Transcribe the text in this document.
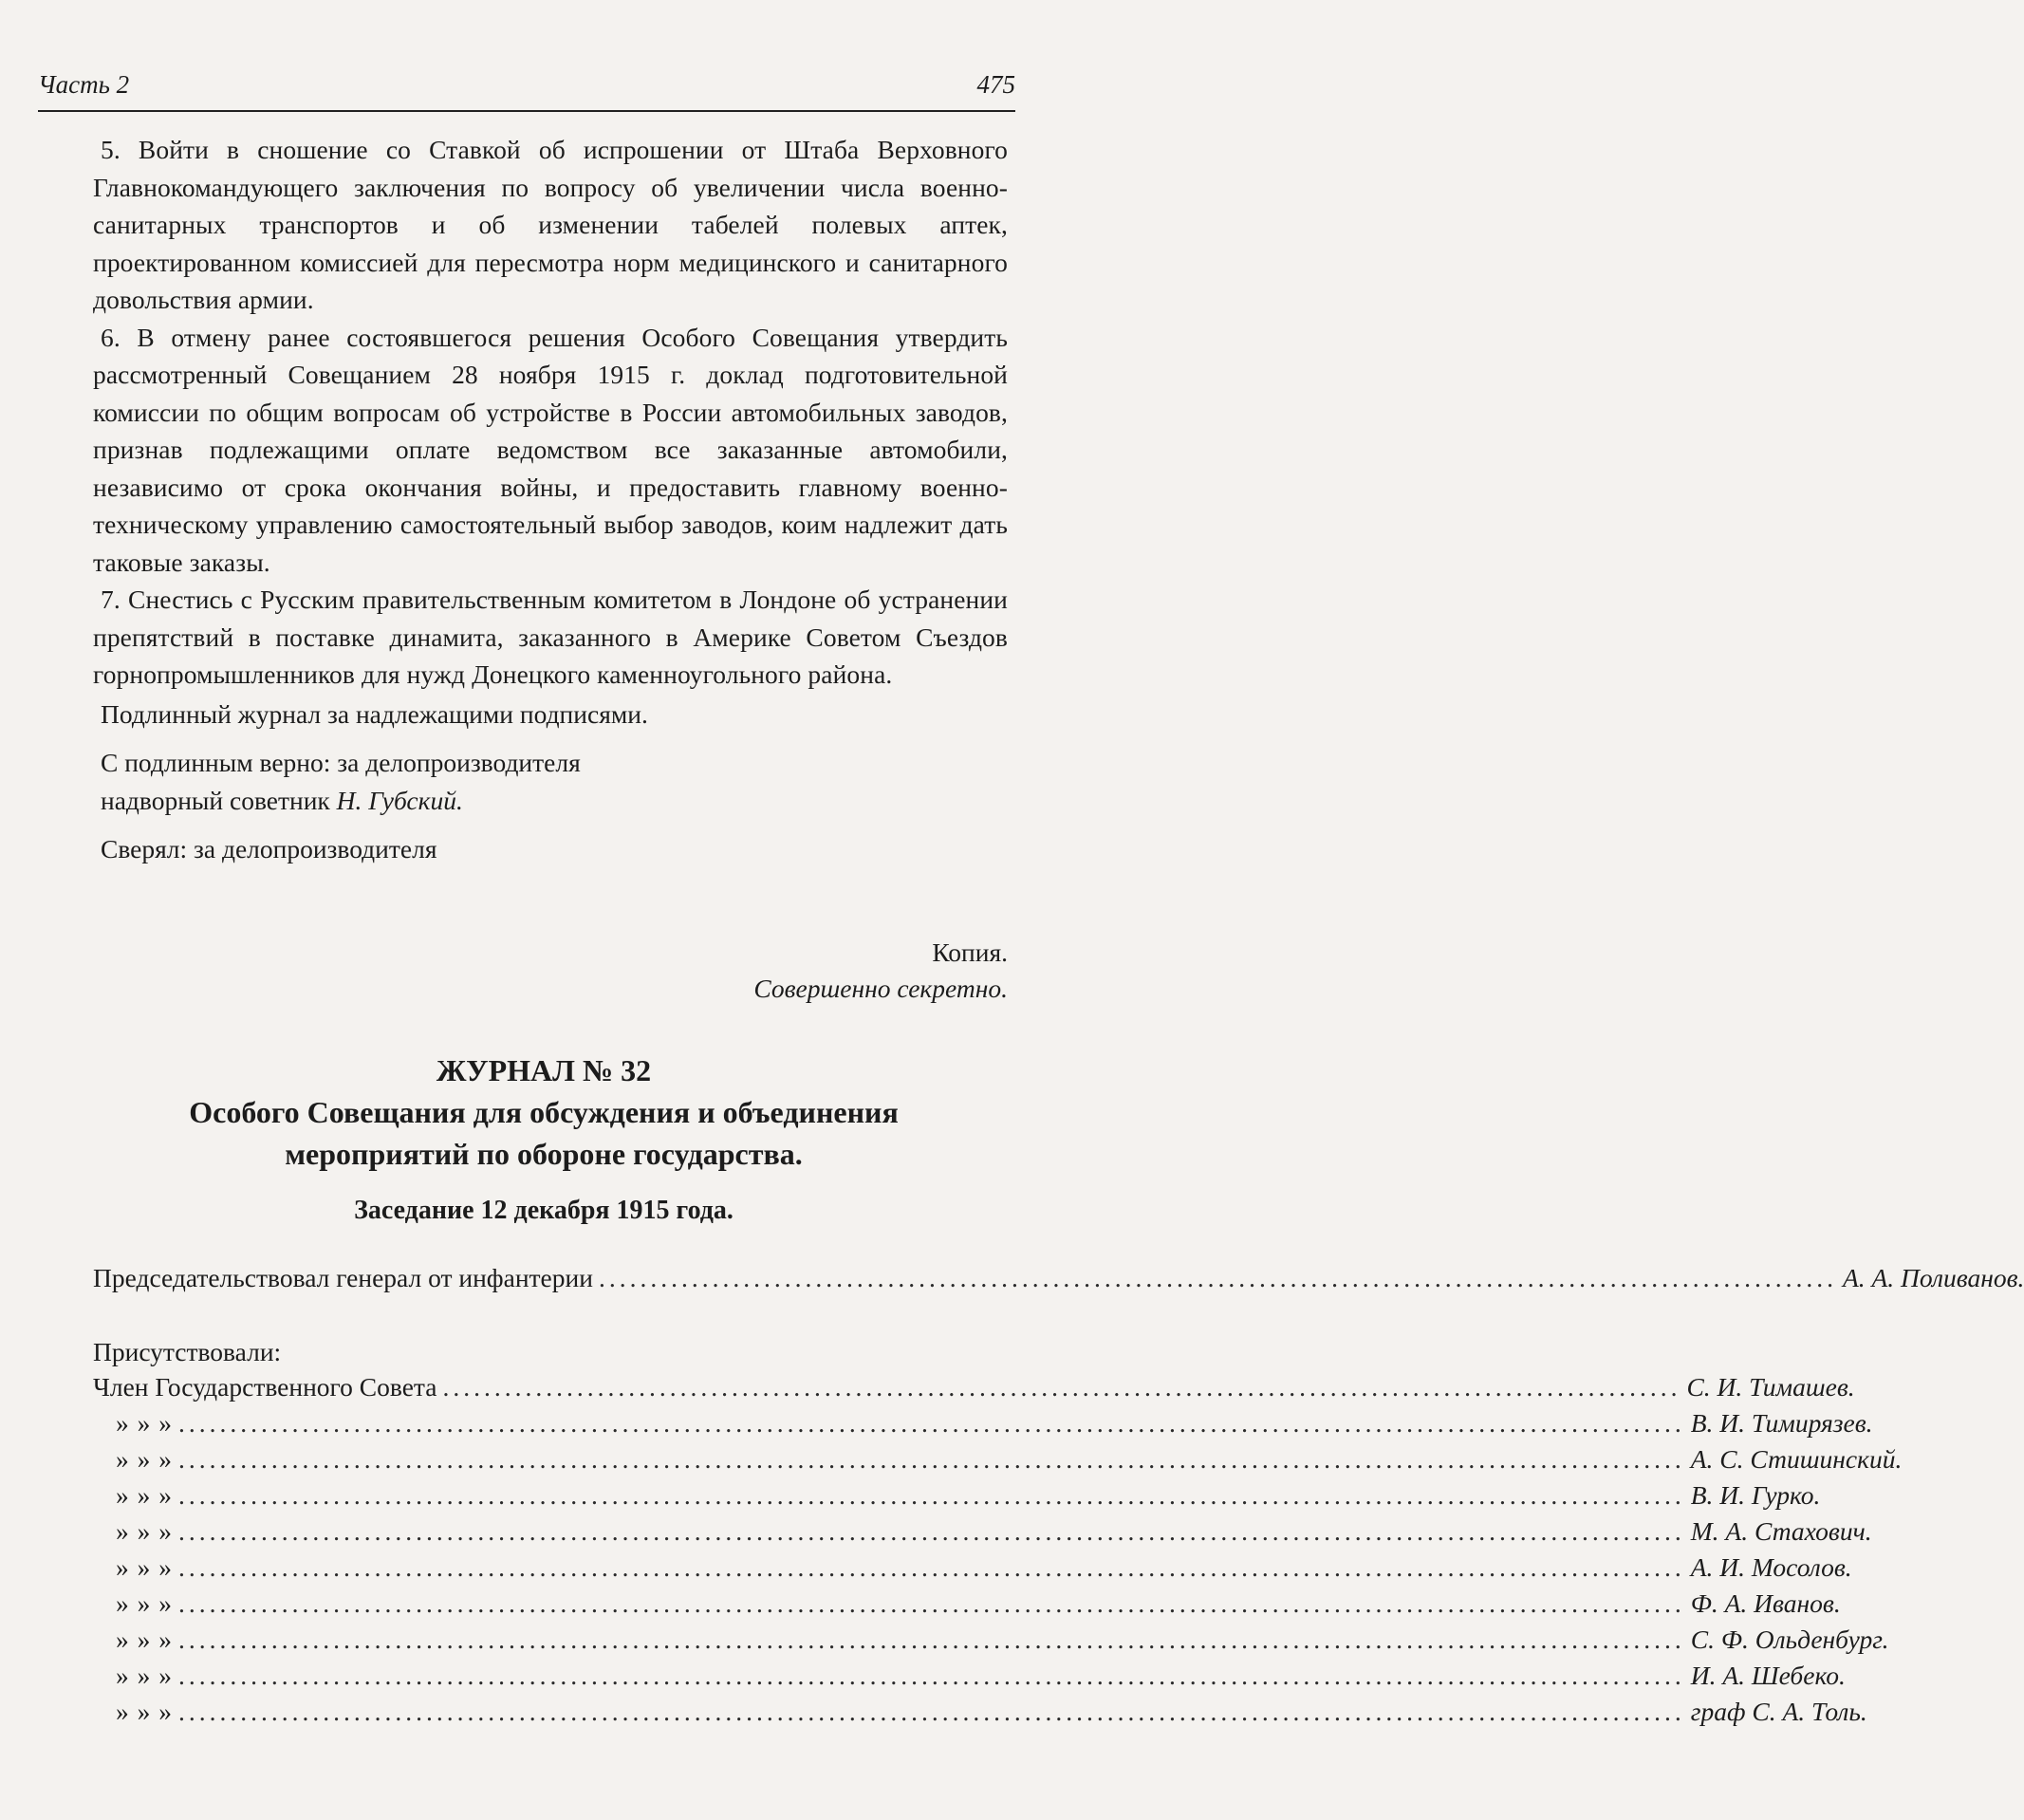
Часть 2	475

5. Войти в сношение со Ставкой об испрошении от Штаба Верховного Главнокомандующего заключения по вопросу об увеличении числа военно-санитарных транспортов и об изменении табелей полевых аптек, проектированном комиссией для пересмотра норм медицинского и санитарного довольствия армии.

6. В отмену ранее состоявшегося решения Особого Совещания утвердить рассмотренный Совещанием 28 ноября 1915 г. доклад подготовительной комиссии по общим вопросам об устройстве в России автомобильных заводов, признав подлежащими оплате ведомством все заказанные автомобили, независимо от срока окончания войны, и предоставить главному военно-техническому управлению самостоятельный выбор заводов, коим надлежит дать таковые заказы.

7. Снестись с Русским правительственным комитетом в Лондоне об устранении препятствий в поставке динамита, заказанного в Америке Советом Съездов горнопромышленников для нужд Донецкого каменноугольного района.

Подлинный журнал за надлежащими подписями.

С подлинным верно: за делопроизводителя

надворный советник Н. Губский.

Сверял: за делопроизводителя

Копия.
Совершенно секретно.
ЖУРНАЛ № 32
Особого Совещания для обсуждения и объединения
мероприятий по обороне государства.
Заседание 12 декабря 1915 года.
Председательствовал генерал от инфантерии ........................................................................................................................ А. А. Поливанов.
Присутствовали:
Член Государственного Совета ........................................................................................................................ С. И. Тимашев.
» » » .................................................................................................................................................. В. И. Тимирязев.
» » » .................................................................................................................................................. А. С. Стишинский.
» » » .................................................................................................................................................. В. И. Гурко.
» » » .................................................................................................................................................. М. А. Стахович.
» » » .................................................................................................................................................. А. И. Мосолов.
» » » .................................................................................................................................................. Ф. А. Иванов.
» » » .................................................................................................................................................. С. Ф. Ольденбург.
» » » .................................................................................................................................................. И. А. Шебеко.
» » » .................................................................................................................................................. граф С. А. Толь.
